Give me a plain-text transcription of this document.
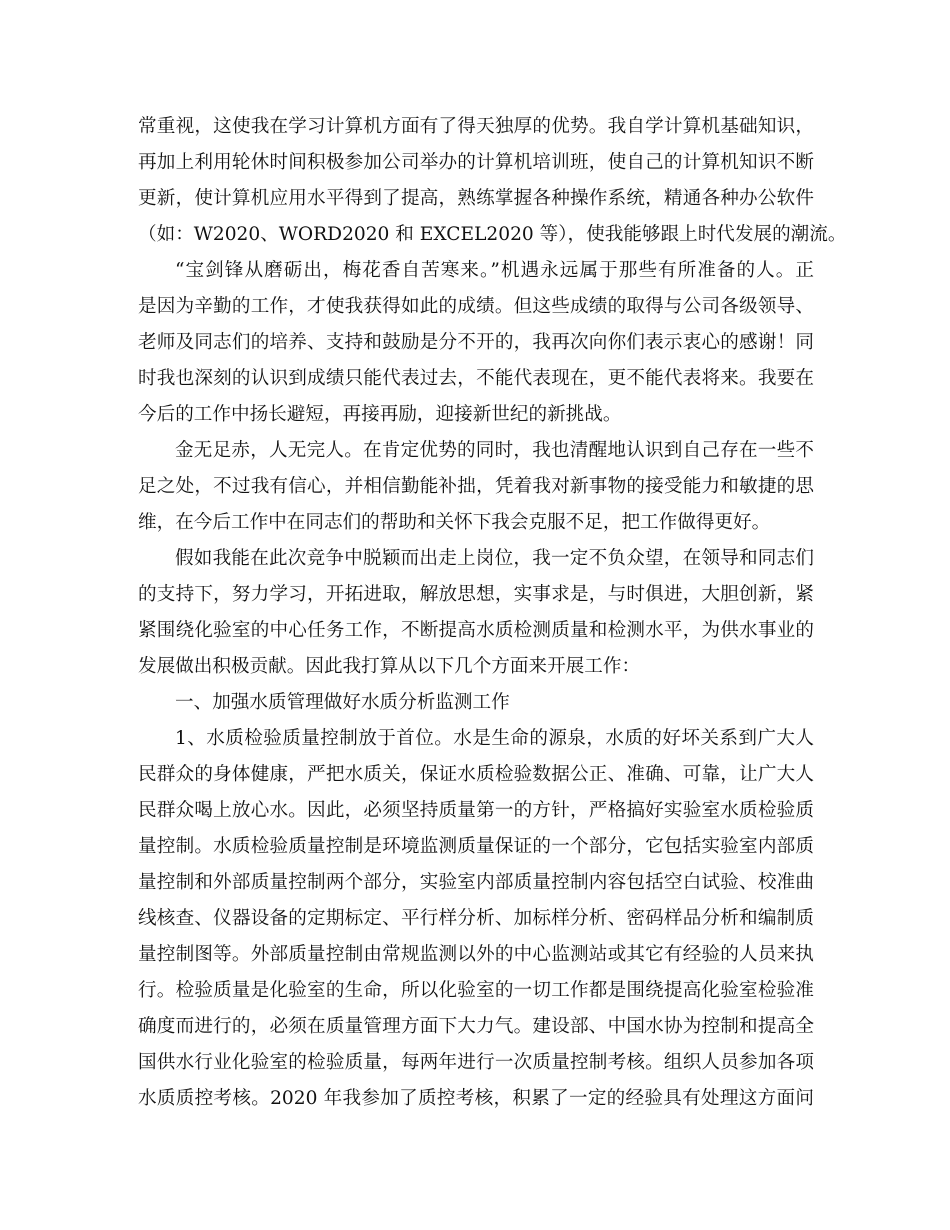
常重视，这使我在学习计算机方面有了得天独厚的优势。我自学计算机基础知识，
再加上利用轮休时间积极参加公司举办的计算机培训班，使自己的计算机知识不断
更新，使计算机应用水平得到了提高，熟练掌握各种操作系统，精通各种办公软件
（如：W2020、WORD2020 和 EXCEL2020 等），使我能够跟上时代发展的潮流。
“宝剑锋从磨砺出，梅花香自苦寒来。”机遇永远属于那些有所准备的人。正
是因为辛勤的工作，才使我获得如此的成绩。但这些成绩的取得与公司各级领导、
老师及同志们的培养、支持和鼓励是分不开的，我再次向你们表示衷心的感谢！同
时我也深刻的认识到成绩只能代表过去，不能代表现在，更不能代表将来。我要在
今后的工作中扬长避短，再接再励，迎接新世纪的新挑战。
金无足赤，人无完人。在肯定优势的同时，我也清醒地认识到自己存在一些不
足之处，不过我有信心，并相信勤能补拙，凭着我对新事物的接受能力和敏捷的思
维，在今后工作中在同志们的帮助和关怀下我会克服不足，把工作做得更好。
假如我能在此次竞争中脱颖而出走上岗位，我一定不负众望，在领导和同志们
的支持下，努力学习，开拓进取，解放思想，实事求是，与时俱进，大胆创新，紧
紧围绕化验室的中心任务工作，不断提高水质检测质量和检测水平，为供水事业的
发展做出积极贡献。因此我打算从以下几个方面来开展工作：
一、加强水质管理做好水质分析监测工作
1、水质检验质量控制放于首位。水是生命的源泉，水质的好坏关系到广大人
民群众的身体健康，严把水质关，保证水质检验数据公正、准确、可靠，让广大人
民群众喝上放心水。因此，必须坚持质量第一的方针，严格搞好实验室水质检验质
量控制。水质检验质量控制是环境监测质量保证的一个部分，它包括实验室内部质
量控制和外部质量控制两个部分，实验室内部质量控制内容包括空白试验、校准曲
线核查、仪器设备的定期标定、平行样分析、加标样分析、密码样品分析和编制质
量控制图等。外部质量控制由常规监测以外的中心监测站或其它有经验的人员来执
行。检验质量是化验室的生命，所以化验室的一切工作都是围绕提高化验室检验准
确度而进行的，必须在质量管理方面下大力气。建设部、中国水协为控制和提高全
国供水行业化验室的检验质量，每两年进行一次质量控制考核。组织人员参加各项
水质质控考核。2020 年我参加了质控考核，积累了一定的经验具有处理这方面问
